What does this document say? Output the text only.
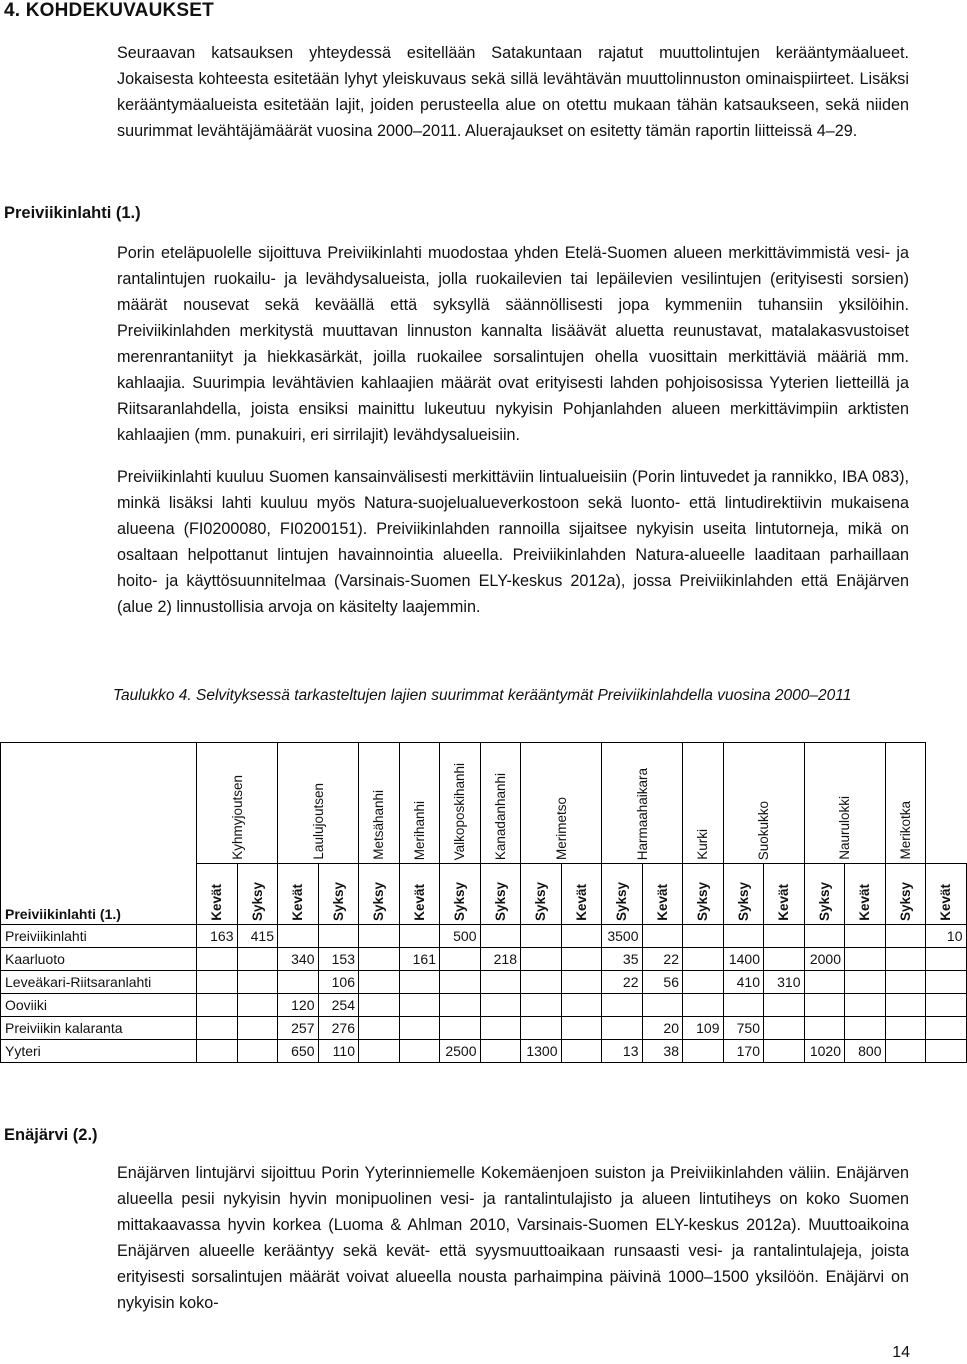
4. KOHDEKUVAUKSET

Seuraavan katsauksen yhteydessä esitellään Satakuntaan rajatut muuttolintujen kerääntymäalueet. Jokaisesta kohteesta esitetään lyhyt yleiskuvaus sekä sillä levähtävän muuttolinnuston ominaispiirteet. Lisäksi kerääntymäalueista esitetään lajit, joiden perusteella alue on otettu mukaan tähän katsaukseen, sekä niiden suurimmat levähtäjämäärät vuosina 2000–2011. Aluerajaukset on esitetty tämän raportin liitteissä 4–29.

Preiviikinlahti (1.)

Porin eteläpuolelle sijoittuva Preiviikinlahti muodostaa yhden Etelä-Suomen alueen merkittävimmistä vesi- ja rantalintujen ruokailu- ja levähdysalueista, jolla ruokailevien tai lepäilevien vesilintujen (erityisesti sorsien) määrät nousevat sekä keväällä että syksyllä säännöllisesti jopa kymmeniin tuhansiin yksilöihin. Preiviikinlahden merkitystä muuttavan linnuston kannalta lisäävät aluetta reunustavat, matalakasvustoiset merenrantaniityt ja hiekkasärkät, joilla ruokailee sorsalintujen ohella vuosittain merkittäviä määriä mm. kahlaajia. Suurimpia levähtävien kahlaajien määrät ovat erityisesti lahden pohjoisosissa Yyterien lietteillä ja Riitsaranlahdella, joista ensiksi mainittu lukeutuu nykyisin Pohjanlahden alueen merkittävimpiin arktisten kahlaajien (mm. punakuiri, eri sirrilajit) levähdysalueisiin.

Preiviikinlahti kuuluu Suomen kansainvälisesti merkittäviin lintualueisiin (Porin lintuvedet ja rannikko, IBA 083), minkä lisäksi lahti kuuluu myös Natura-suojelualueverkostoon sekä luonto- että lintudirektiivin mukaisena alueena (FI0200080, FI0200151). Preiviikinlahden rannoilla sijaitsee nykyisin useita lintutorneja, mikä on osaltaan helpottanut lintujen havainnointia alueella. Preiviikinlahden Natura-alueelle laaditaan parhaillaan hoito- ja käyttösuunnitelmaa (Varsinais-Suomen ELY-keskus 2012a), jossa Preiviikinlahden että Enäjärven (alue 2) linnustollisia arvoja on käsitelty laajemmin.

Taulukko 4. Selvityksessä tarkasteltujen lajien suurimmat kerääntymät Preiviikinlahdella vuosina 2000–2011
Preiviikinlahti (1.)	Kyhmyjoutsen		Laulujoutsen		Metsähanhi	Merihanhi	Valkoposkihanhi	Kanadanhanhi	Merimetso		Harmaahaikara		Kurki	Suokukko		Naurulokki		Merikotka	
	Kevät	Syksy	Kevät	Syksy	Syksy	Kevät	Syksy	Syksy	Syksy	Kevät	Syksy	Kevät	Syksy	Syksy	Kevät	Syksy	Kevät	Syksy	Kevät
Preiviikinlahti	163	415					500				3500								10
Kaarluoto			340	153		161		218			35	22		1400		2000			
Leveäkari-Riitsaranlahti				106							22	56		410	310				
Ooviiki			120	254															
Preiviikin kalaranta			257	276								20	109	750					
Yyteri			650	110			2500		1300		13	38		170		1020	800		
Enäjärvi (2.)

Enäjärven lintujärvi sijoittuu Porin Yyterinniemelle Kokemäenjoen suiston ja Preiviikinlahden väliin. Enäjärven alueella pesii nykyisin hyvin monipuolinen vesi- ja rantalintulajisto ja alueen lintutiheys on koko Suomen mittakaavassa hyvin korkea (Luoma & Ahlman 2010, Varsinais-Suomen ELY-keskus 2012a). Muuttoaikoina Enäjärven alueelle kerääntyy sekä kevät- että syysmuuttoaikaan runsaasti vesi- ja rantalintulajeja, joista erityisesti sorsalintujen määrät voivat alueella nousta parhaimpina päivinä 1000–1500 yksilöön. Enäjärvi on nykyisin koko-

14
